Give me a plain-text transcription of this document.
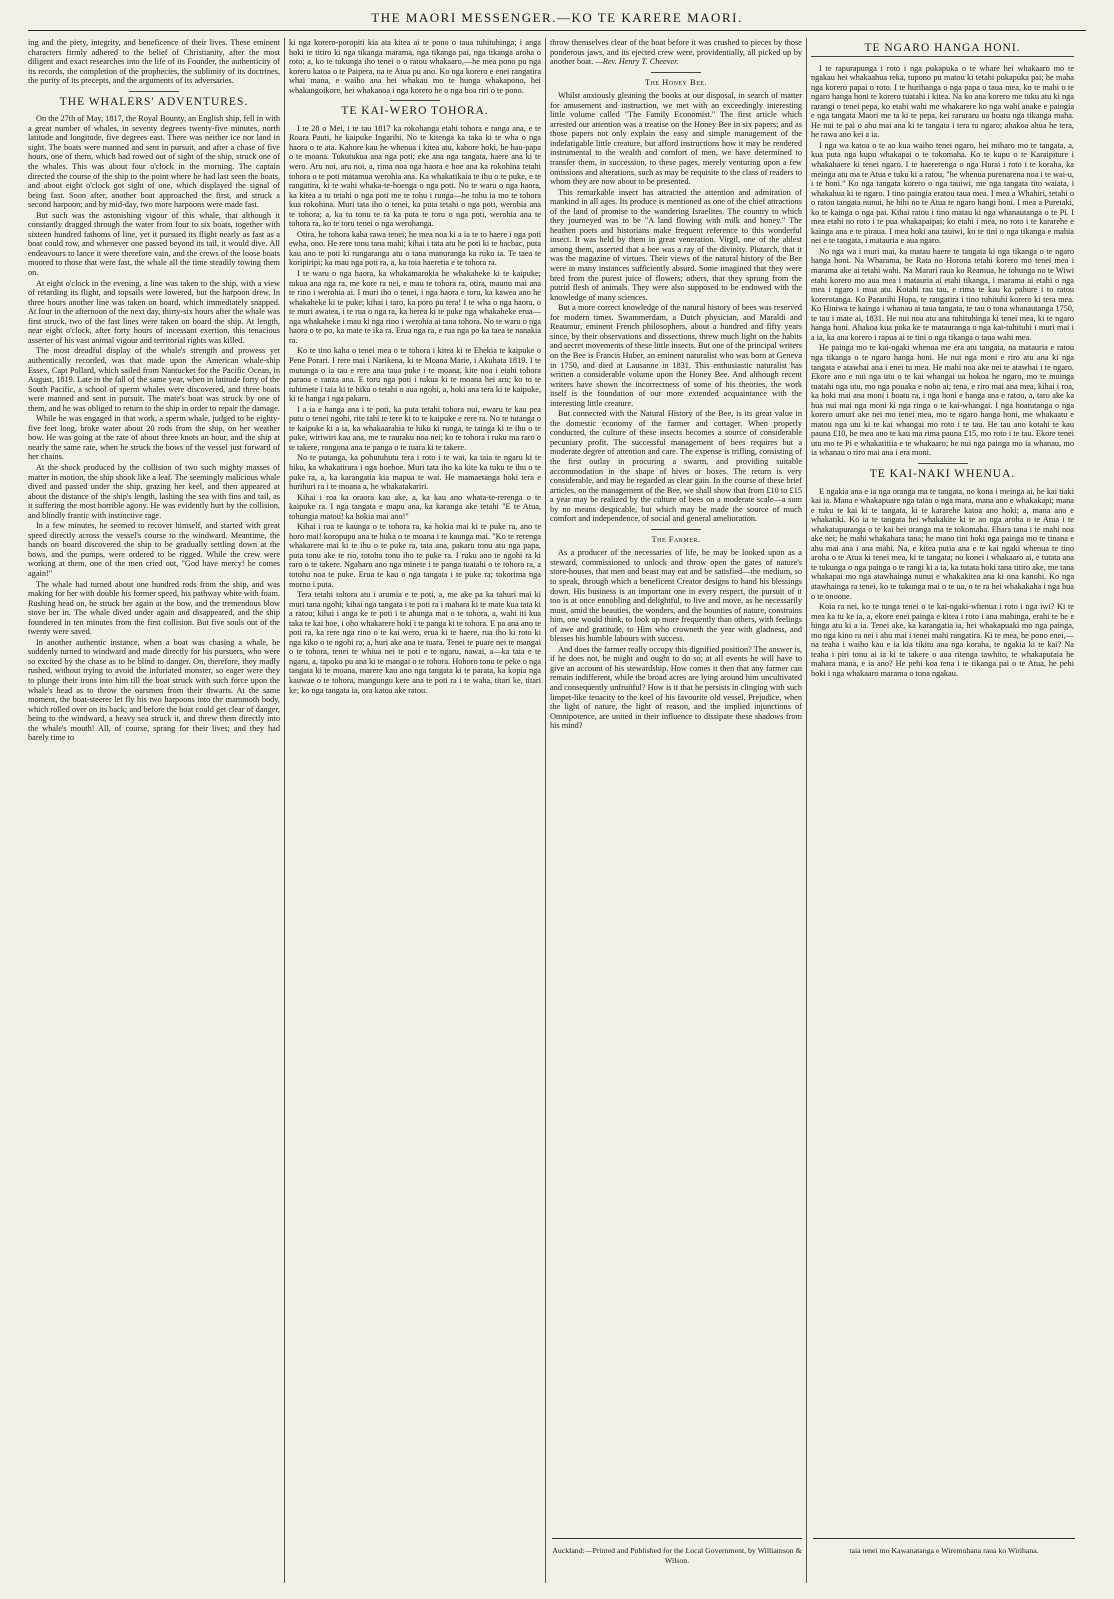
THE MAORI MESSENGER.—KO TE KARERE MAORI.

ing and the piety, integrity, and beneficence of their lives. These eminent characters firmly adhered to the belief of Christianity, after the most diligent and exact researches into the life of its Founder, the authenticity of its records, the completion of the prophecies, the sublimity of its doctrines, the purity of its precepts, and the arguments of its adversaries.

THE WHALERS' ADVENTURES.

On the 27th of May, 1817, the Royal Bounty, an English ship, fell in with a great number of whales, in seventy degrees twenty-five minutes, north latitude and longitude, five degrees east. There was neither ice nor land in sight. The boats were manned and sent in pursuit, and after a chase of five hours, one of them, which had rowed out of sight of the ship, struck one of the whales. This was about four o'clock in the morning. The captain directed the course of the ship to the point where he had last seen the boats, and about eight o'clock got sight of one, which displayed the signal of being fast. Soon after, another boat approached the first, and struck a second harpoon; and by mid-day, two more harpoons were made fast.

But such was the astonishing vigour of this whale, that although it constantly dragged through the water from four to six boats, together with sixteen hundred fathoms of line, yet it pursued its flight nearly as fast as a boat could row, and whenever one passed beyond its tail, it would dive. All endeavours to lance it were therefore vain, and the crews of the loose boats moored to those that were fast, the whale all the time steadily towing them on.

At eight o'clock in the evening, a line was taken to the ship, with a view of retarding its flight, and topsails were lowered, but the harpoon drew. In three hours another line was taken on board, which immediately snapped. At four in the afternoon of the next day, thirty-six hours after the whale was first struck, two of the fast lines were taken on board the ship. At length, near eight o'clock, after forty hours of incessant exertion, this tenacious asserter of his vast animal vigour and territorial rights was killed.

The most dreadful display of the whale's strength and prowess yet authentically recorded, was that made upon the American whale-ship Essex, Capt Pollard, which sailed from Nantucket for the Pacific Ocean, in August, 1819. Late in the fall of the same year, when in latitude forty of the South Pacific, a school of sperm whales were discovered, and three boats were manned and sent in pursuit. The mate's boat was struck by one of them, and he was obliged to return to the ship in order to repair the damage.

While he was engaged in that work, a sperm whale, judged to be eighty-five feet long, broke water about 20 rods from the ship, on her weather bow. He was going at the rate of about three knots an hour, and the ship at nearly the same rate, when he struck the bows of the vessel just forward of her chains.

At the shock produced by the collision of two such mighty masses of matter in motion, the ship shook like a leaf. The seemingly malicious whale dived and passed under the ship, grazing her keel, and then appeared at about the distance of the ship's length, lashing the sea with fins and tail, as it suffering the most horrible agony. He was evidently hurt by the collision, and blindly frantic with instinctive rage.

In a few minutes, he seemed to recover himself, and started with great speed directly across the vessel's course to the windward. Meantime, the hands on board discovered the ship to be gradually settling down at the bows, and the pumps, were ordered to be rigged. While the crew were working at them, one of the men cried out, "God have mercy! he comes again!"

The whale had turned about one hundred rods from the ship, and was making for her with double his former speed, his pathway white with foam. Rushing head on, he struck her again at the bow, and the tremendous blow stove her in. The whale dived under again and disappeared, and the ship foundered in ten minutes from the first collision. But five souls out of the twenty were saved.

In another authentic instance, when a boat was chasing a whale, he suddenly turned to windward and made directly for his pursuers, who were so excited by the chase as to be blind to danger. On, therefore, they madly rushed, without trying to avoid the infuriated monster, so eager were they to plunge their irons into him till the boat struck with such force upon the whale's head as to throw the oarsmen from their thwarts. At the same moment, the boat-steerer let fly his two harpoons into the mammoth body, which rolled over on its back; and before the boat could get clear of danger, being to the windward, a heavy sea struck it, and threw them directly into the whale's mouth! All, of course, sprang for their lives; and they had barely time to

ki nga korero-poropiti kia ata kitea ai te pono o taua tuhituhinga; i anga hoki te titiro ki nga tikanga marama, nga tikanga pai, nga tikanga aroha o roto; a, ko te tukunga iho tenei o o ratou whakaaro,—he mea pono pu nga korero katoa o te Paipera, na te Atua pu ano. Ko nga korero e enei rangatira whai mana, e waiho ana hei whakau mo te hunga whakapono, hei whakangoikore, hei whakanoa i nga korero he o nga hoa riri o te pono.

TE KAI-WERO TOHORA.

I te 28 o Mei, i te tau 1817 ka rokohanga etahi tohora e ranga ana, e te Roara Pauti, he kaipuke Ingarihi. No te kitenga ka taka ki te wha o nga haora o te ata. Kahore kau he whenua i kitea atu, kahore hoki, he hau-papa o te moana. Tukutukua ana nga poti; eke ana nga tangata, haere ana ki te wero. Aru noi, aru noi, a, rima noa nga haora e hoe ana ka rokohina tetahi tohora o te poti matamua werohia ana. Ka whakatikaia te ihu o te puke, e te rangatira, ki te wahi whaka-te-hoenga o nga poti. No te waru o nga haora, ka kitea a tu tetahi o nga poti me te tohu i runga—he tohu ia mo te tohora kua rokohina. Muri tata iho o tenei, ka puta tetahi o nga poti, werohia ana te tohora; a, ka tu tonu te ra ka puta te toru o nga poti, werohia ana te tohora ra, ko te toru tenei o nga werohanga.

Otira, he tohora kaha rawa tenei; he mea noa ki a ia te to haere i nga poti ewha, ono. He rere tonu tana mahi; kihai i tata atu he poti ki te hacbac, puta kau ano te poti ki rungaranga atu o tana manuranga ka ruku ia. Te taea te koripiripi; ka mau nga poti ra, a, ka toia haeretia e te tohora ra.

I te waru o nga haora, ka whakamarokia he whakaheke ki te kaipuke; tukua ana nga ra, me kore ra nei, e mau te tohora ra, otira, maunu mai ana te rino i werohia ai. I muri iho o tenei, i nga haora e toru, ka kawea ano he whakaheke ki te puke; kihai i taro, ka poro pu tera! I te wha o nga haora, o te muri awatea, i te rua o nga ra, ka herea ki te puke nga whakaheke erua—nga whakaheke i mau ki nga rino i werohia ai tana tohora. No te waru o nga haora o te po, ka mate te ika ra. Erua nga ra, e rua nga po ka taea te nanakia ra.

Ko te tino kaha o tenei mea o te tohora i kitea ki te Ehekia te kaipuke o Pene Porari. I rere mai i Narikena, ki te Moana Marie, i Akuhata 1819. I te mutunga o ia tau e rere ana taua puke i te moana, kite noa i etahi tohora paraoa e ranza ana. E toru nga poti i tukua ki te moana hei aru; ko to te tuhimete i taia ki te hiku o tetahi o aua ngohi, a, hoki ana tera ki te kaipuke, ki te hanga i nga pakaru.

I a ia e hanga ana i te poti, ka puta tetahi tohora nui, ewaru te kau pea putu o tenei ngohi, rite tahi te tere ki to te kaipuke e rere ra. No te tutanga o te kaipuke ki a ia, ka whakaarahia te hiku ki runga, te tainga ki te ihu o te puke, wiriwiri kau ana, me te rauraku noa nei; ko te tohora i ruku ma raro o te takere, rongona ana te panga o te tuara ki te takere.

No te putanga, ka pohutuhutu tera i roto i te wai, ka taia te ngaru ki te hiku, ka whakatirara i nga hoehoe. Muri tata iho ka kite ka tuku te ihu o te puke ra, a, ka karangatia kia mapua te wai. He mamaetanga hoki tera e hurihuri ra i te moana a, he whakatakariri.

Kihai i roa ka oraora kau ake, a, ka kau ano whata-te-rerenga o te kaipuke ra. I nga tangata e mapu ana, ka karanga ake tetahi "E te Atua, tohungia matou! ka hokia mai ano!"

Kihai i roa te kaunga o te tohora ra, ka hokia mai ki te puke ra, ano te horo mai! koropupu ana te huka o te moana i te kaunga mai. "Ko te rerenga whakarere mai ki te ihu o te puke ra, taia ana, pakaru tonu atu nga papa, puta tonu ake te rio, totohu tonu iho te puke ra. I ruku ano te ngohi ra ki raro o te takere. Ngaharu ano nga minete i te panga tuatahi o te tohora ra, a totohu noa te puke. Erua te kau o nga tangata i te puke ra; tokorima nga morno i puta.

Tera tetahi tohora atu i arumia e te poti, a, me ake pa ka tahuri mai ki muri tana ngohi; kihai nga tangata i te poti ra i mahara ki te mate kua tata ki a ratou; kihai i anga ke te poti i te ahunga mai o te tohora, a, wahi iti kua taka te kai hoe, i oho whakarere hoki i te panga ki te tohora. E pa ana ano te poti ra, ka rere nga rino o te kai wero, erua ki te haere, rua iho ki roto ki nga kiko o te ngohi ra; a, huri ake ana te tuara. Tenei te puare nei te mangai o te tohora, tenei te whiua nei te poti e te ngaru, nawai, a—ka taia e te ngaru, a, tapoko pu ana ki te mangai o te tohora. Hohoro tonu te peke o nga tangata ki te moana, marere kau ano nga tangata ki te parata, ka kopia nga kauwae o te tohora, mangungu kere ana te poti ra i te waha, titari ke, titari ke; ko nga tangata ia, ora katoa ake ratou.

throw themselves clear of the boat before it was crushed to pieces by those ponderous jaws, and its ejected crew were, providentially, all picked up by another boat. —Rev. Henry T. Cheever.

The Honey Bee.

Whilst anxiously gleaning the books at our disposal, in search of matter for amusement and instruction, we met with an exceedingly interesting little volume called "The Family Economist." The first article which arrested our attention was a treatise on the Honey Bee in six papers; and as those papers not only explain the easy and simple management of the indefatigable little creature, but afford instructions how it may be rendered instrumental to the wealth and comfort of men, we have determined to transfer them, in succession, to these pages, merely venturing upon a few omissions and alterations, such as may be requisite to the class of readers to whom they are now about to be presented.

This remarkable insect has attracted the attention and admiration of mankind in all ages. Its produce is mentioned as one of the chief attractions of the land of promise to the wandering Israelites. The country to which they journeyed was to be "A land flowing with milk and honey." The heathen poets and historians make frequent reference to this wonderful insect. It was held by them in great veneration. Virgil, one of the ablest among them, asserted that a bee was a ray of the divinity. Plutarch, that it was the magazine of virtues. Their views of the natural history of the Bee were in many instances sufficiently absurd. Some imagined that they were bred from the purest juice of flowers; others, that they sprung from the putrid flesh of animals. They were also supposed to be endowed with the knowledge of many sciences.

But a more correct knowledge of the natural history of bees was reserved for modern times. Swammerdam, a Dutch physician, and Maraldi and Reaumur, eminent French philosophers, about a hundred and fifty years since, by their observations and dissections, threw much light on the habits and secret movements of these little insects. But one of the principal writers on the Bee is Francis Huber, an eminent naturalist who was born at Geneva in 1750, and died at Lausanne in 1831. This enthusiastic naturalist has written a considerable volume upon the Honey Bee. And although recent writers have shown the incorrectness of some of his theories, the work itself is the foundation of our more extended acquaintance with the interesting little creature.

But connected with the Natural History of the Bee, is its great value in the domestic economy of the farmer and cottager. When properly conducted, the culture of these insects becomes a source of considerable pecuniary profit. The successful management of bees requires but a moderate degree of attention and care. The expense is trifling, consisting of the first outlay in procuring a swarm, and providing suitable accommodation in the shape of hives or boxes. The return is very considerable, and may be regarded as clear gain. In the course of these brief articles, on the management of the Bee, we shall show that from £10 to £15 a year may be realized by the culture of bees on a moderate scale—a sum by no means despicable, but which may be made the source of much comfort and independence, of social and general amelioration.

The Farmer.

As a producer of the necessaries of life, he may be looked upon as a steward, commissioned to unlock and throw open the gates of nature's store-houses, that men and beast may eat and be satisfied—the medium, so to speak, through which a beneficent Creator designs to hand his blessings down. His business is an important one in every respect, the pursuit of it too is at once ennobling and delightful, to live and move, as he necessarily must, amid the beauties, the wonders, and the bounties of nature, constrains him, one would think, to look up more frequently than others, with feelings of awe and gratitude, to Him who crowneth the year with gladness, and blesses his humble labours with success.

And does the farmer really occupy this dignified position? The answer is, if he does not, he might and ought to do so; at all events he will have to give an account of his stewardship. How comes it then that any farmer can remain indifferent, while the broad acres are lying around him uncultivated and consequently unfruitful? How is it that he persists in clinging with such limpet-like tenacity to the keel of his favourite old vessel, Prejudice, when the light of nature, the light of reason, and the implied injunctions of Omnipotence, are united in their influence to dissipate these shadows from his mind?

TE NGARO HANGA HONI.

I te rapurapunga i roto i nga pukapuka o te whare hei whakaaro mo te ngakau hei whakaahua reka, tupono pu matou ki tetahi pukapuka pai; he maha nga korero papai o roto. I te hurihanga o nga papa o taua mea, ko te mahi o te ngaro hanga honi te korero tuatahi i kitea. Na ko ana korero me tuku atu ki nga rarangi o tenei pepa, ko etahi wahi me whakarere ko nga wahi anake e paingia e nga tangata Maori me ta ki te pepa, kei raruraru ua hoatu nga tikanga maha. He nui te pai o ahu mai ana ki te tangata i tera tu ngaro; ahakoa ahua he tera, he rawa ano kei a ia.

I nga wa katoa o te ao kua waiho tenei ngaro, hei miharo mo te tangata, a, kua puta nga kupu whakapai o te tokomaha. Ko te kupu o te Karaipiture i whakahaere ki tenei ngaro. I te haererenga o nga Hurai i roto i te koraha, ka meinga atu ma te Atua e tuku ki a ratou, "he whenua purenarena noa i te wai-u, i te honi." Ko nga tangata korero o nga tauiwi, me nga tangata tito waiata, i whakahua ki te ngaro. I tino paingia eratou taua mea. I mea a Whahiri, tetahi o o ratou tangata nunui, he hihi no te Atua te ngaro hangi honi. I mea a Puretaki, ko te kainga o nga pai. Kihai ratou i tino matau ki nga whanautanga o te Pi. I mea etahi no roto i te pua whakapaipai; ko etahi i mea, no roto i te kararehe e kainga ana e te piraua. I mea hoki ana tauiwi, ko te tini o nga tikanga e mahia nei e te tangata, i matauria e aua ngaro.

No nga wa i muri mai, ka matau haere te tangata ki nga tikanga o te ngaro hanga honi. Na Wharama, he Rata no Horona tetahi korero mo tenei mea i marama ake ai tetahi wahi. Na Marari raua ko Reamua, he tohunga no te Wiwi etahi korero mo aua mea i matauria ai etahi tikanga, i marama ai etahi o nga mea i ngaro i mua atu. Kotahi rau tau, e rima te kau ka pahure i to ratou korerotanga. Ko Paranihi Hupa, te rangatira i tino tuhituhi korero ki tera mea. Ko Hiniwa te kainga i whanau ai taua tangata, te tau o tona whanautanga 1750, te tau i mate ai, 1831. He nui noa atu ana tuhituhinga ki tenei mea, ki te ngaro hanga honi. Ahakoa kua poka ke te matauranga o nga kai-tuhituhi i muri mai i a ia, ka ana korero i rapua ai te tini o nga tikanga o taua wahi mea.

He painga mo te kai-ngaki whenua me era atu tangata, na matauria e ratou nga tikanga o te ngaro hanga honi. He nui nga moni e riro atu ana ki nga tangata e atawhai ana i enei tu mea. He mahi noa ake nei te atawhai i te ngaro. Ekore ano e nui nga utu o te kai whangai ua hokoa he ngaro, mo te muinga tuatahi nga utu, mo nga pouaka e noho ai; tena, e riro mai ana mea, kihai i roa, ka hoki mai ana moni i hoatu ra, i nga honi e hanga ana e ratou, a, taro ake ka hua nui mai nga moni ki nga ringa o te kai-whangai. I nga hoatutanga o nga korero amuri ake nei mo tenei mea, mo te ngaro hanga honi, me whakaatu e matou nga utu ki te kai whangai mo roto i te tau. He tau ano kotahi te kau pauna £10, he mea ano te kau ma rima pauna £15, mo roto i te tau. Ekore tenei utu mo te Pi e whakatitiia e te whakaaro; he nui nga painga mo ia whanau, mo ia whanau o riro mai ana i era moni.

TE KAI-NAKI WHENUA.

E ngakia ana e ia nga oranga ma te tangata, no kona i meinga ai, he kai tiaki kai ia. Mana e whakapuare nga tatau o nga mara, mana ano e whakakapi; mana e tuku te kai ki te tangata, ki te kararehe katoa ano hoki; a, mana ano e whakatiki. Ko ia te tangata hei whakakite ki te ao nga aroha o te Atua i te whakatupuranga o te kai hei oranga ma te tokomaha. Ehara tana i te mahi noa ake nei; he mahi whakahara tana; he mano tini hoki nga painga mo te tinana e ahu mai ana i ana mahi. Na, e kitea putia ana e te kai ngaki whenua te tino aroha o te Atua ki tenei mea, ki te tangata; no konei i whakaaro ai, e tutata ana te tukunga o nga painga o te rangi ki a ia, ka tutata hoki tana titiro ake, me tana whakapai mo nga atawhainga nunui e whakakitea ana ki ona kanohi. Ko nga atawhainga ra tenei, ko te tukunga mai o te ua, o te ra hei whakakaha i nga hua o te onoone.

Koia ra nei, ko te tunga tenei o te kai-ngaki-whenua i roto i nga iwi? Ki te mea ka tu ke ia, a, ekore enei painga e kitea i roto i ana mahinga, erahi te he e hinga atu ki a ia. Tenei ake, ka karangatia ia, hei whakapuaki mo nga painga, mo nga kino ra nei i ahu mai i tenei mahi rangatira. Ki te mea, he pono enei,—na teaha i waiho kau e ia kia tikitu ana nga koraha, te ngakia ki te kai? Na teaha i piri tonu ai ia ki te takere o aua ritenga tawhito, te whakaputaia he mahara mana, e ia ano? He pehi koa tena i te tikanga pai o te Atua, he pehi hoki i nga whakaaro marama o tona ngakau.

Auckland:—Printed and Published for the Local Government, by Williamson & Wilson.
taia tenei mo Kawanatanga e Wiremuhana raua ko Wirihana.
